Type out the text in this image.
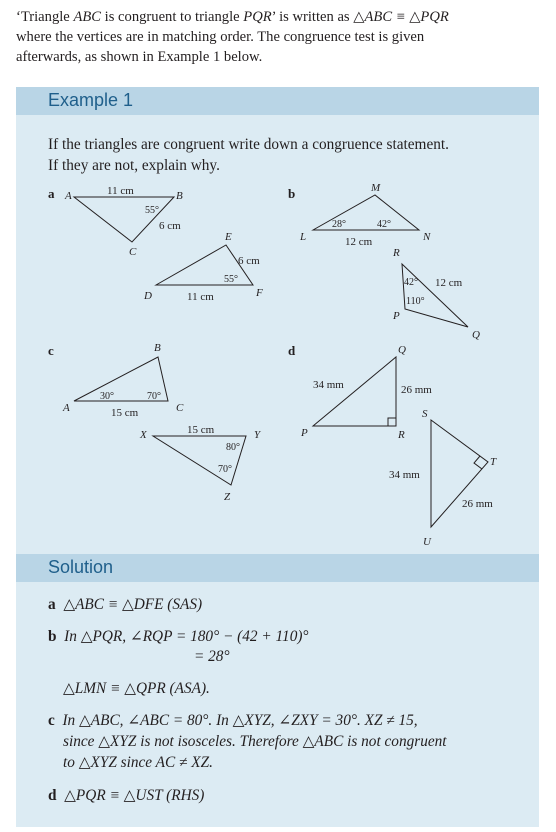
‘Triangle ABC is congruent to triangle PQR’ is written as △ABC ≡ △PQR
where the vertices are in matching order. The congruence test is given
afterwards, as shown in Example 1 below.
Example 1
If the triangles are congruent write down a congruence statement.
If they are not, explain why.
a A	B
C
11 cm
6 cm
55°
D
E
F
11 cm
6 cm
55°
b
L
M
N
12 cm
28°	42°
R
P
Q
12 cm
42°
110°
c
A
B
C
15 cm
30°	70°
X	Y
Z
15 cm
80°
70°
d
P
Q
R
34 mm	26 mm
S
T
U
34 mm
26 mm
Solution
a △ABC ≡ △DFE (SAS)
b In △PQR, ∠RQP = 180° − (42 + 110)°
= 28°
△LMN ≡ △QPR (ASA).
c In △ABC, ∠ABC = 80°. In △XYZ, ∠ZXY = 30°. XZ ≠ 15,
since △XYZ is not isosceles. Therefore △ABC is not congruent
to △XYZ since AC ≠ XZ.
d △PQR ≡ △UST (RHS)
